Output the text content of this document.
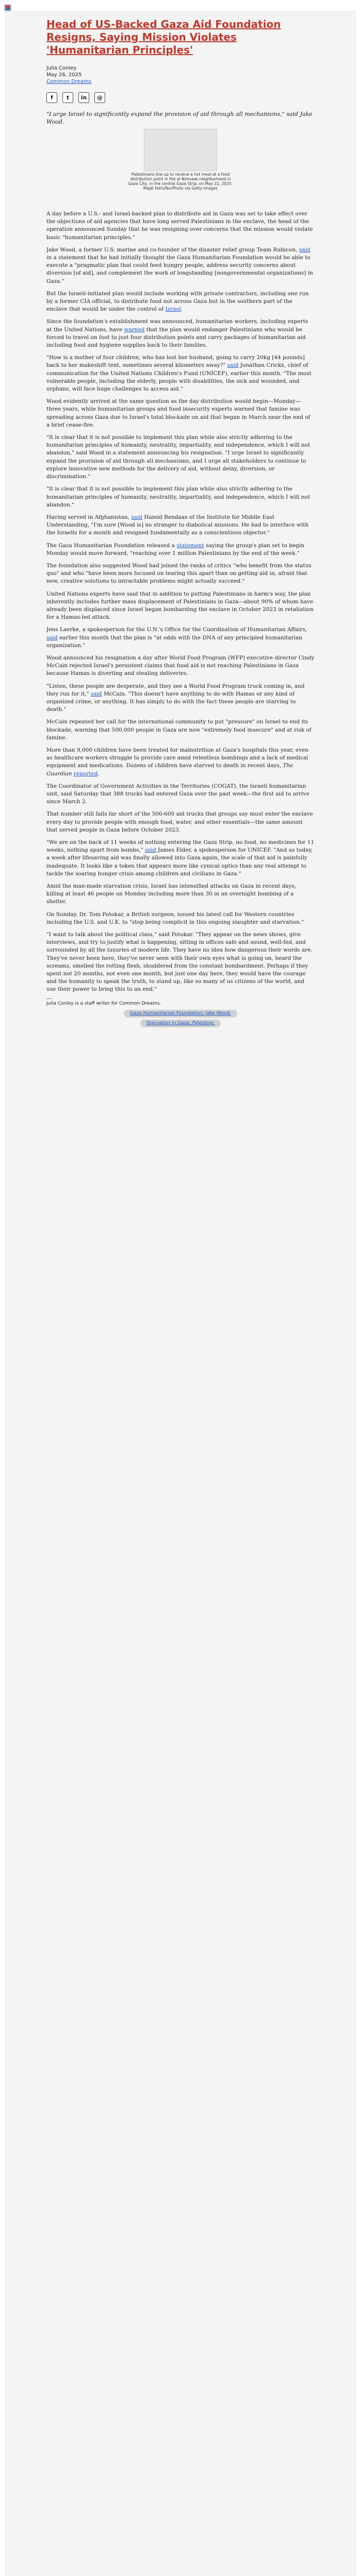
Head of US-Backed Gaza Aid Foundation Resigns, Saying Mission Violates 'Humanitarian Principles'
Julia Conley
May 26, 2025
Common Dreams
f	t	in	@
"I urge Israel to significantly expand the provision of aid through all mechanisms," said Jake Wood.
Palestinians line up to receive a hot meal at a food distribution point in the al-Nimsawi neighborhood in Gaza City, in the central Gaza Strip, on May 22, 2025. Majdi Fathi/NurPhoto via Getty Images

A day before a U.S.- and Israel-backed plan to distribute aid in Gaza was set to take effect over the objections of aid agencies that have long served Palestinians in the enclave, the head of the operation announced Sunday that he was resigning over concerns that the mission would violate basic "humanitarian principles."

Jake Wood, a former U.S. marine and co-founder of the disaster relief group Team Rubicon, said in a statement that he had initially thought the Gaza Humanitarian Foundation would be able to execute a "pragmatic plan that could feed hungry people, address security concerns about diversion [of aid], and complement the work of longstanding [nongovernmental organizations] in Gaza."

But the Israeli-initiated plan would include working with private contractors, including one run by a former CIA official, to distribute food not across Gaza but in the southern part of the enclave that would be under the control of Israel.

Since the foundation's establishment was announced, humanitarian workers, including experts at the United Nations, have warned that the plan would endanger Palestinians who would be forced to travel on foot to just four distribution points and carry packages of humanitarian aid including food and hygiene supplies back to their families.

"How is a mother of four children, who has lost her husband, going to carry 20kg [44 pounds] back to her makeshift tent, sometimes several kilometers away?" said Jonathan Crickx, chief of communication for the United Nations Children's Fund (UNICEF), earlier this month. "The most vulnerable people, including the elderly, people with disabilities, the sick and wounded, and orphans, will face huge challenges to access aid."

Wood evidently arrived at the same question as the day distribution would begin—Monday—three years, while humanitarian groups and food insecurity experts warned that famine was spreading across Gaza due to Israel's total blockade on aid that began in March near the end of a brief cease-fire.

"It is clear that it is not possible to implement this plan while also strictly adhering to the humanitarian principles of humanity, neutrality, impartiality, and independence, which I will not abandon," said Wood in a statement announcing his resignation. "I urge Israel to significantly expand the provision of aid through all mechanisms, and I urge all stakeholders to continue to explore innovative new methods for the delivery of aid, without delay, diversion, or discrimination."

"It is clear that it is not possible to implement this plan while also strictly adhering to the humanitarian principles of humanity, neutrality, impartiality, and independence, which I will not abandon."

Having served in Afghanistan, said Hamid Bendaas of the Institute for Middle East Understanding, "I'm sure [Wood is] no stranger to diabolical missions. He had to interface with the Israelis for a month and resigned fundamentally as a conscientious objector."

The Gaza Humanitarian Foundation released a statement saying the group's plan set to begin Monday would move forward, "reaching over 1 million Palestinians by the end of the week."

The foundation also suggested Wood had joined the ranks of critics "who benefit from the status quo" and who "have been more focused on tearing this apart than on getting aid in, afraid that new, creative solutions to intractable problems might actually succeed."

United Nations experts have said that in addition to putting Palestinians in harm's way, the plan inherently includes further mass displacement of Palestinians in Gaza—about 90% of whom have already been displaced since Israel began bombarding the enclave in October 2023 in retaliation for a Hamas-led attack.

Jens Laerke, a spokesperson for the U.N.'s Office for the Coordination of Humanitarian Affairs, said earlier this month that the plan is "at odds with the DNA of any principled humanitarian organization."

Wood announced his resignation a day after World Food Program (WFP) executive director Cindy McCain rejected Israel's persistent claims that food aid is not reaching Palestinians in Gaza because Hamas is diverting and stealing deliveries.

"Listen, these people are desperate, and they see a World Food Program truck coming in, and they run for it," said McCain. "This doesn't have anything to do with Hamas or any kind of organized crime, or anything. It has simply to do with the fact these people are starving to death."

McCain repeated her call for the international community to put "pressure" on Israel to end its blockade, warning that 500,000 people in Gaza are now "extremely food insecure" and at risk of famine.

More than 9,000 children have been treated for malnutrition at Gaza's hospitals this year, even as healthcare workers struggle to provide care amid relentless bombings and a lack of medical equipment and medications. Dozens of children have starved to death in recent days, The Guardian reported.

The Coordinator of Government Activities in the Territories (COGAT), the Israeli humanitarian unit, said Saturday that 388 trucks had entered Gaza over the past week—the first aid to arrive since March 2.

That number still falls far short of the 500-600 aid trucks that groups say must enter the enclave every day to provide people with enough food, water, and other essentials—the same amount that served people in Gaza before October 2023.

"We are on the back of 11 weeks of nothing entering the Gaza Strip, no food, no medicines for 11 weeks, nothing apart from bombs," said James Elder, a spokesperson for UNICEF. "And so today, a week after lifesaving aid was finally allowed into Gaza again, the scale of that aid is painfully inadequate. It looks like a token that appears more like cynical optics than any real attempt to tackle the soaring hunger crisis among children and civilians in Gaza."

Amid the man-made starvation crisis, Israel has intensified attacks on Gaza in recent days, killing at least 46 people on Monday including more than 30 in an overnight bombing of a shelter.

On Sunday, Dr. Tom Potokar, a British surgeon, issued his latest call for Western countries including the U.S. and U.K. to "stop being complicit in this ongoing slaughter and starvation."

"I want to talk about the political class," said Potokar. "They appear on the news shows, give interviews, and try to justify what is happening, sitting in offices safe and sound, well-fed, and surrounded by all the luxuries of modern life. They have no idea how dangerous their words are. They've never been here, they've never seen with their own eyes what is going on, heard the screams, smelled the rotting flesh, shuddered from the constant bombardment. Perhaps if they spent not 20 months, not even one month, but just one day here, they would have the courage and the humanity to speak the truth, to stand up, like so many of us citizens of the world, and use their power to bring this to an end."

Julia Conley is a staff writer for Common Dreams.
Gaza Humanitarian Foundation; Jake Wood;
Starvation in Gaza; Palestine;
